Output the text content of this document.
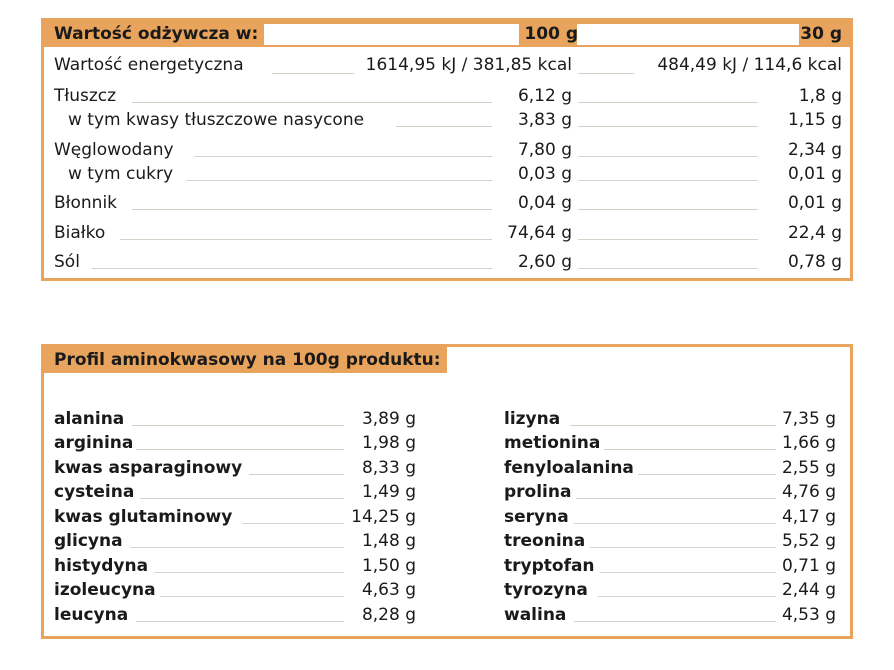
Wartość odżywcza w:	100 g	30 g
Wartość energetyczna	1614,95 kJ / 381,85 kcal	484,49 kJ / 114,6 kcal
Tłuszcz	6,12 g	1,8 g
w tym kwasy tłuszczowe nasycone	3,83 g	1,15 g
Węglowodany	7,80 g	2,34 g
w tym cukry	0,03 g	0,01 g
Błonnik	0,04 g	0,01 g
Białko	74,64 g	22,4 g
Sól	2,60 g	0,78 g
Profil aminokwasowy na 100g produktu:
alanina	3,89 g
arginina	1,98 g
kwas asparaginowy	8,33 g
cysteina	1,49 g
kwas glutaminowy	14,25 g
glicyna	1,48 g
histydyna	1,50 g
izoleucyna	4,63 g
leucyna	8,28 g
lizyna	7,35 g
metionina	1,66 g
fenyloalanina	2,55 g
prolina	4,76 g
seryna	4,17 g
treonina	5,52 g
tryptofan	0,71 g
tyrozyna	2,44 g
walina	4,53 g
